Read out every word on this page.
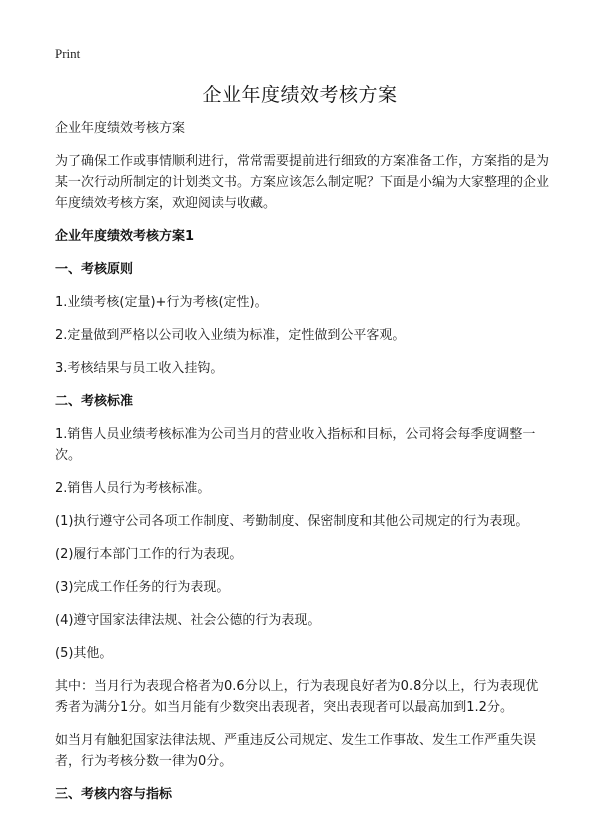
Print
企业年度绩效考核方案

企业年度绩效考核方案

为了确保工作或事情顺利进行，常常需要提前进行细致的方案准备工作，方案指的是为某一次行动所制定的计划类文书。方案应该怎么制定呢？下面是小编为大家整理的企业年度绩效考核方案，欢迎阅读与收藏。

企业年度绩效考核方案1

一、考核原则

1.业绩考核(定量)+行为考核(定性)。

2.定量做到严格以公司收入业绩为标准，定性做到公平客观。

3.考核结果与员工收入挂钩。

二、考核标准

1.销售人员业绩考核标准为公司当月的营业收入指标和目标，公司将会每季度调整一次。

2.销售人员行为考核标准。

(1)执行遵守公司各项工作制度、考勤制度、保密制度和其他公司规定的行为表现。

(2)履行本部门工作的行为表现。

(3)完成工作任务的行为表现。

(4)遵守国家法律法规、社会公德的行为表现。

(5)其他。

其中：当月行为表现合格者为0.6分以上，行为表现良好者为0.8分以上，行为表现优秀者为满分1分。如当月能有少数突出表现者，突出表现者可以最高加到1.2分。

如当月有触犯国家法律法规、严重违反公司规定、发生工作事故、发生工作严重失误者，行为考核分数一律为0分。

三、考核内容与指标
